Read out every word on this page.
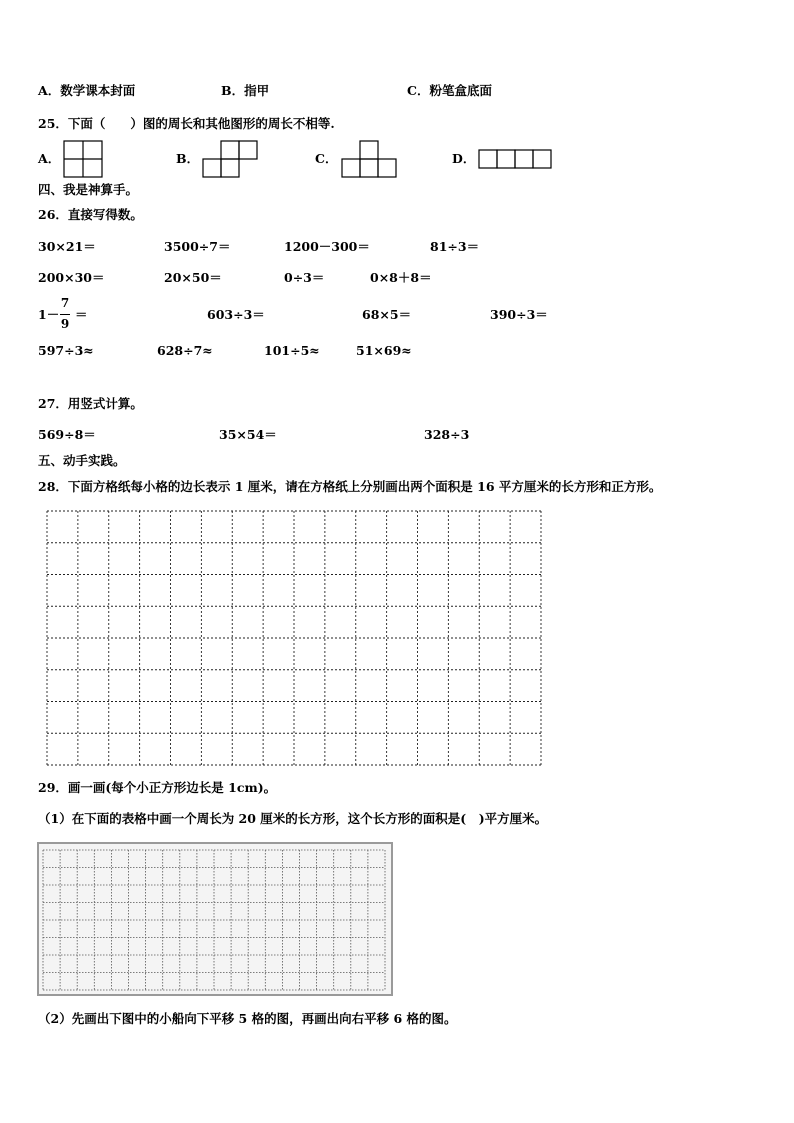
A．数学课本封面	B．指甲	C．粉笔盒底面
25．下面（　　）图的周长和其他图形的周长不相等.
A．	B．	C．	D．
四、我是神算手。
26．直接写得数。
30×21＝	3500÷7＝	1200－300＝	81÷3＝
200×30＝	20×50＝	0÷3＝	0×8＋8＝
1－
7
9
＝	603÷3＝	68×5＝	390÷3＝
597÷3≈	628÷7≈	101÷5≈	51×69≈
27．用竖式计算。
569÷8＝	35×54＝	328÷3
五、动手实践。
28．下面方格纸每小格的边长表示 1 厘米，请在方格纸上分别画出两个面积是 16 平方厘米的长方形和正方形。
29．画一画(每个小正方形边长是 1cm)。
（1）在下面的表格中画一个周长为 20 厘米的长方形，这个长方形的面积是(　)平方厘米。
（2）先画出下图中的小船向下平移 5 格的图，再画出向右平移 6 格的图。
